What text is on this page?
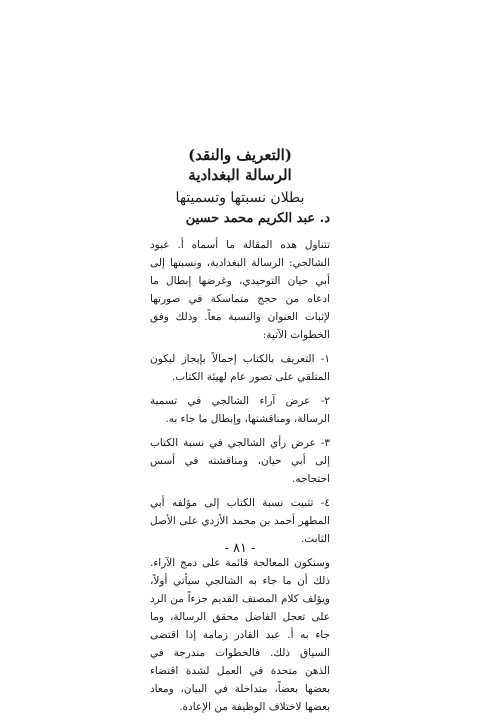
(التعريف والنقد)
الرسالة البغدادية
بطلان نسبتها وتسميتها
د. عبد الكريم محمد حسين

تتناول هذه المقالة ما أسماه أ. عبود الشالجي: الرسالة البغدادية، ونسبتها إلى أبي حيان التوحيدي، وغرضها إبطال ما ادعاه من حجج متماسكة في صورتها لإثبات العنوان والنسبة معاً. وذلك وفق الخطوات الآتية:

١- التعريف بالكتاب إجمالاً بإيجاز ليكون المتلقي على تصور عام لهيئة الكتاب.

٢- عرض آراء الشالجي في تسمية الرسالة، ومناقشتها، وإبطال ما جاء به.

٣- عرض رأي الشالجي في نسبة الكتاب إلى أبي حيان، ومناقشته في أسس احتجاجه.

٤- تثبيت نسبة الكتاب إلى مؤلفه أبي المطهر أحمد بن محمد الأزدي على الأصل الثابت.

وستكون المعالجة قائمة على دمج الآراء. ذلك أن ما جاء به الشالجي سيأتي أولاً، ويؤلف كلام المصنف القديم جزءاً من الرد على تعجل الفاضل محقق الرسالة، وما جاء به أ. عبد القادر زمامة إذا اقتضى السياق ذلك. فالخطوات مندرجة في الذهن متحدة في العمل لشدة اقتضاء بعضها بعضاً، متداخلة في البيان، ومعاد بعضها لاختلاف الوظيفة من الإعادة.

- ٨١ -
